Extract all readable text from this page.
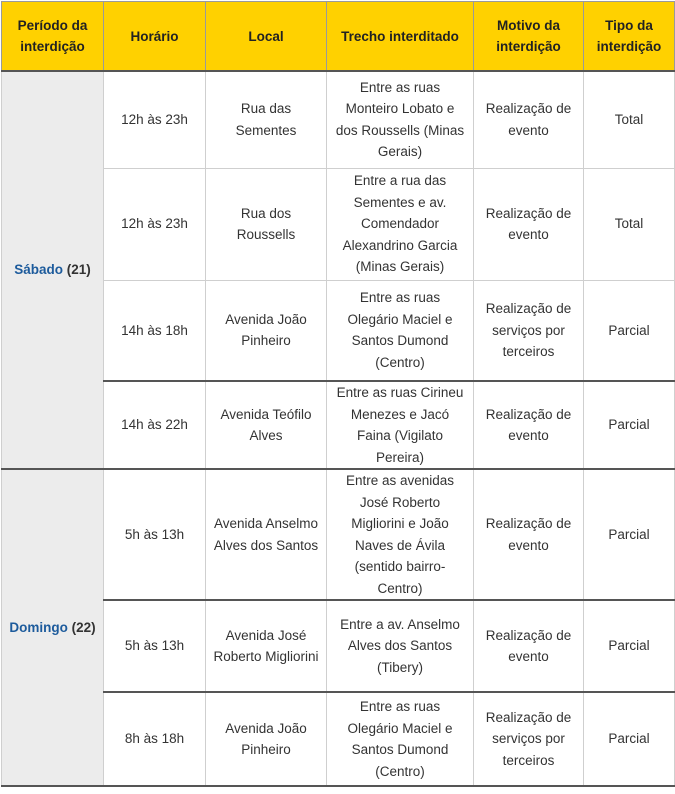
Período da interdição	Horário	Local	Trecho interditado	Motivo da interdição	Tipo da interdição
Sábado (21)	12h às 23h	Rua das Sementes	Entre as ruas Monteiro Lobato e dos Roussells (Minas Gerais)	Realização de evento	Total
	12h às 23h	Rua dos Roussells	Entre a rua das Sementes e av. Comendador Alexandrino Garcia (Minas Gerais)	Realização de evento	Total
	14h às 18h	Avenida João Pinheiro	Entre as ruas Olegário Maciel e Santos Dumond (Centro)	Realização de serviços por terceiros	Parcial
	14h às 22h	Avenida Teófilo Alves	Entre as ruas Cirineu Menezes e Jacó Faina (Vigilato Pereira)	Realização de evento	Parcial
Domingo (22)	5h às 13h	Avenida Anselmo Alves dos Santos	Entre as avenidas José Roberto Migliorini e João Naves de Ávila (sentido bairro-Centro)	Realização de evento	Parcial
	5h às 13h	Avenida José Roberto Migliorini	Entre a av. Anselmo Alves dos Santos (Tibery)	Realização de evento	Parcial
	8h às 18h	Avenida João Pinheiro	Entre as ruas Olegário Maciel e Santos Dumond (Centro)	Realização de serviços por terceiros	Parcial
